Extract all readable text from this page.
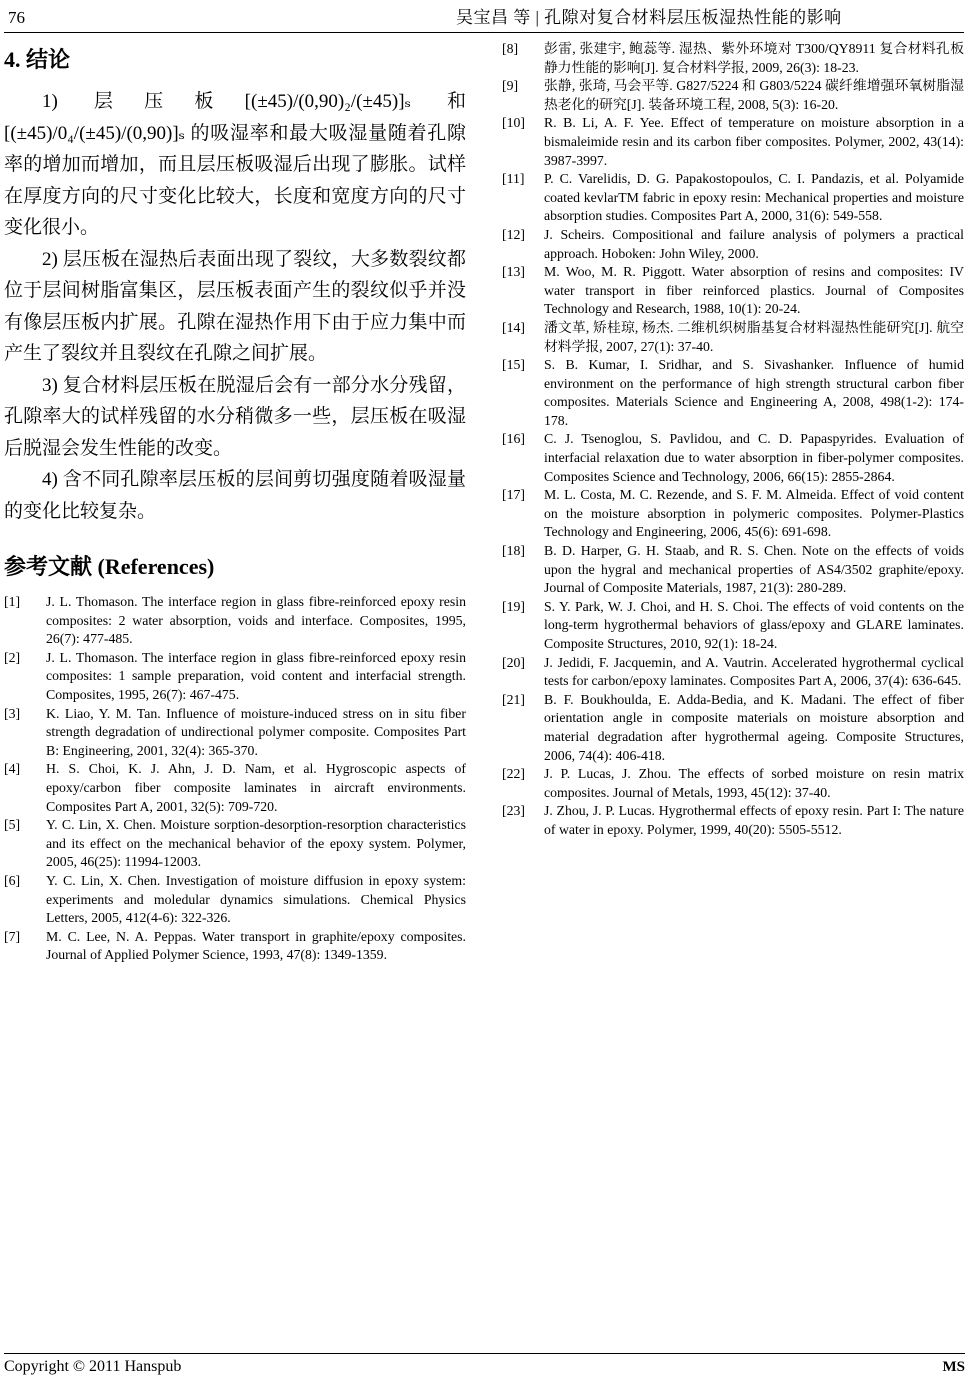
76	吴宝昌 等 | 孔隙对复合材料层压板湿热性能的影响
4. 结论

1) 层压板[(±45)/(0,90)₂/(±45)]ₛ 和[(±45)/0₄/(±45)/(0,90)]ₛ 的吸湿率和最大吸湿量随着孔隙率的增加而增加，而且层压板吸湿后出现了膨胀。试样在厚度方向的尺寸变化比较大，长度和宽度方向的尺寸变化很小。

2) 层压板在湿热后表面出现了裂纹，大多数裂纹都位于层间树脂富集区，层压板表面产生的裂纹似乎并没有像层压板内扩展。孔隙在湿热作用下由于应力集中而产生了裂纹并且裂纹在孔隙之间扩展。

3) 复合材料层压板在脱湿后会有一部分水分残留，孔隙率大的试样残留的水分稍微多一些，层压板在吸湿后脱湿会发生性能的改变。

4) 含不同孔隙率层压板的层间剪切强度随着吸湿量的变化比较复杂。

参考文献 (References)
[1]	J. L. Thomason. The interface region in glass fibre-reinforced epoxy resin composites: 2 water absorption, voids and interface. Composites, 1995, 26(7): 477-485.
[2]	J. L. Thomason. The interface region in glass fibre-reinforced epoxy resin composites: 1 sample preparation, void content and interfacial strength. Composites, 1995, 26(7): 467-475.
[3]	K. Liao, Y. M. Tan. Influence of moisture-induced stress on in situ fiber strength degradation of undirectional polymer composite. Composites Part B: Engineering, 2001, 32(4): 365-370.
[4]	H. S. Choi, K. J. Ahn, J. D. Nam, et al. Hygroscopic aspects of epoxy/carbon fiber composite laminates in aircraft environments. Composites Part A, 2001, 32(5): 709-720.
[5]	Y. C. Lin, X. Chen. Moisture sorption-desorption-resorption characteristics and its effect on the mechanical behavior of the epoxy system. Polymer, 2005, 46(25): 11994-12003.
[6]	Y. C. Lin, X. Chen. Investigation of moisture diffusion in epoxy system: experiments and moledular dynamics simulations. Chemical Physics Letters, 2005, 412(4-6): 322-326.
[7]	M. C. Lee, N. A. Peppas. Water transport in graphite/epoxy composites. Journal of Applied Polymer Science, 1993, 47(8): 1349-1359.
[8]	彭雷, 张建宇, 鲍蕊等. 湿热、紫外环境对 T300/QY8911 复合材料孔板静力性能的影响[J]. 复合材料学报, 2009, 26(3): 18-23.
[9]	张静, 张琦, 马会平等. G827/5224 和 G803/5224 碳纤维增强环氧树脂湿热老化的研究[J]. 装备环境工程, 2008, 5(3): 16-20.
[10]	R. B. Li, A. F. Yee. Effect of temperature on moisture absorption in a bismaleimide resin and its carbon fiber composites. Polymer, 2002, 43(14): 3987-3997.
[11]	P. C. Varelidis, D. G. Papakostopoulos, C. I. Pandazis, et al. Polyamide coated kevlarTM fabric in epoxy resin: Mechanical properties and moisture absorption studies. Composites Part A, 2000, 31(6): 549-558.
[12]	J. Scheirs. Compositional and failure analysis of polymers a practical approach. Hoboken: John Wiley, 2000.
[13]	M. Woo, M. R. Piggott. Water absorption of resins and composites: IV water transport in fiber reinforced plastics. Journal of Composites Technology and Research, 1988, 10(1): 20-24.
[14]	潘文革, 矫桂琼, 杨杰. 二维机织树脂基复合材料湿热性能研究[J]. 航空材料学报, 2007, 27(1): 37-40.
[15]	S. B. Kumar, I. Sridhar, and S. Sivashanker. Influence of humid environment on the performance of high strength structural carbon fiber composites. Materials Science and Engineering A, 2008, 498(1-2): 174-178.
[16]	C. J. Tsenoglou, S. Pavlidou, and C. D. Papaspyrides. Evaluation of interfacial relaxation due to water absorption in fiber-polymer composites. Composites Science and Technology, 2006, 66(15): 2855-2864.
[17]	M. L. Costa, M. C. Rezende, and S. F. M. Almeida. Effect of void content on the moisture absorption in polymeric composites. Polymer-Plastics Technology and Engineering, 2006, 45(6): 691-698.
[18]	B. D. Harper, G. H. Staab, and R. S. Chen. Note on the effects of voids upon the hygral and mechanical properties of AS4/3502 graphite/epoxy. Journal of Composite Materials, 1987, 21(3): 280-289.
[19]	S. Y. Park, W. J. Choi, and H. S. Choi. The effects of void contents on the long-term hygrothermal behaviors of glass/epoxy and GLARE laminates. Composite Structures, 2010, 92(1): 18-24.
[20]	J. Jedidi, F. Jacquemin, and A. Vautrin. Accelerated hygrothermal cyclical tests for carbon/epoxy laminates. Composites Part A, 2006, 37(4): 636-645.
[21]	B. F. Boukhoulda, E. Adda-Bedia, and K. Madani. The effect of fiber orientation angle in composite materials on moisture absorption and material degradation after hygrothermal ageing. Composite Structures, 2006, 74(4): 406-418.
[22]	J. P. Lucas, J. Zhou. The effects of sorbed moisture on resin matrix composites. Journal of Metals, 1993, 45(12): 37-40.
[23]	J. Zhou, J. P. Lucas. Hygrothermal effects of epoxy resin. Part I: The nature of water in epoxy. Polymer, 1999, 40(20): 5505-5512.
Copyright © 2011 Hanspub	MS
